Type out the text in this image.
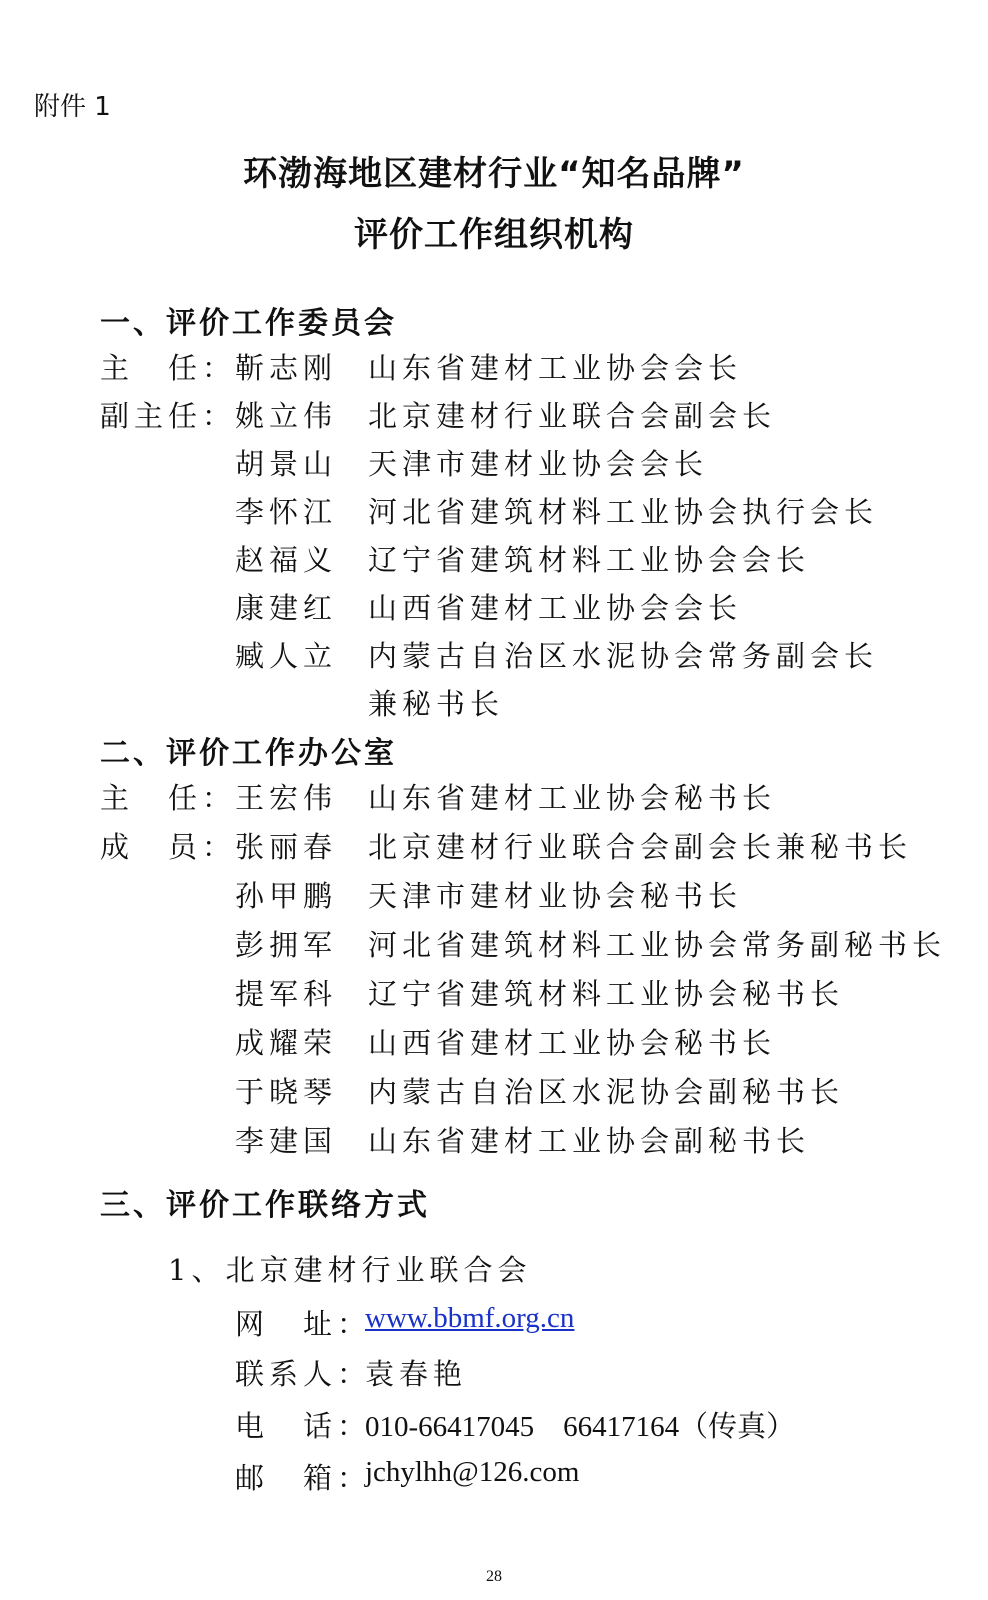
附件 1
环渤海地区建材行业“知名品牌”
评价工作组织机构
一、评价工作委员会
主　任：
靳志刚 山东省建材工业协会会长
副主任：
姚立伟 北京建材行业联合会副会长
胡景山 天津市建材业协会会长
李怀江 河北省建筑材料工业协会执行会长
赵福义 辽宁省建筑材料工业协会会长
康建红 山西省建材工业协会会长
臧人立 内蒙古自治区水泥协会常务副会长
兼秘书长
二、评价工作办公室
主　任：
王宏伟 山东省建材工业协会秘书长
成　员：
张丽春 北京建材行业联合会副会长兼秘书长
孙甲鹏 天津市建材业协会秘书长
彭拥军 河北省建筑材料工业协会常务副秘书长
提军科 辽宁省建筑材料工业协会秘书长
成耀荣 山西省建材工业协会秘书长
于晓琴 内蒙古自治区水泥协会副秘书长
李建国 山东省建材工业协会副秘书长
三、评价工作联络方式
1、北京建材行业联合会
网　址：
www.bbmf.org.cn
联系人：
袁春艳
电　话：
010-66417045　66417164（传真）
邮　箱：
jchylhh@126.com
28
